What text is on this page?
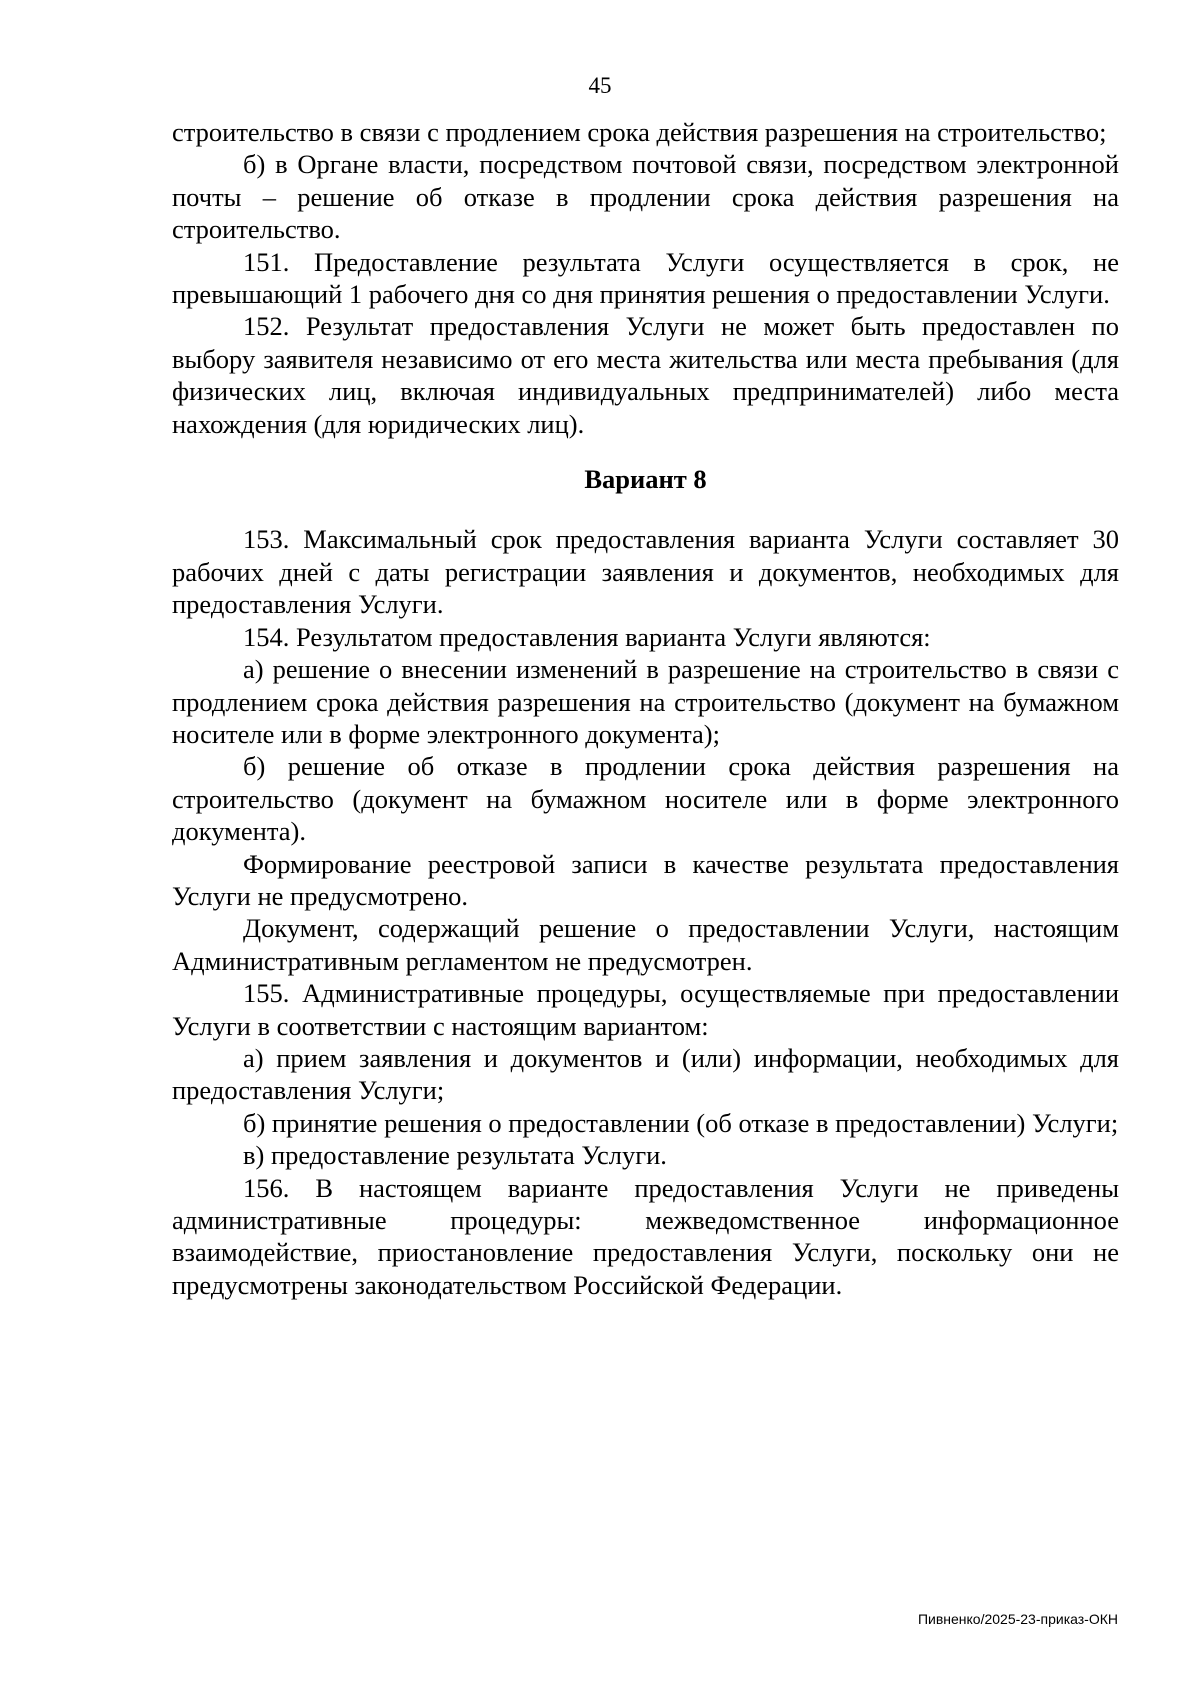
45

строительство в связи с продлением срока действия разрешения на строительство;

б) в Органе власти, посредством почтовой связи, посредством электронной почты – решение об отказе в продлении срока действия разрешения на строительство.

151. Предоставление результата Услуги осуществляется в срок, не превышающий 1 рабочего дня со дня принятия решения о предоставлении Услуги.

152. Результат предоставления Услуги не может быть предоставлен по выбору заявителя независимо от его места жительства или места пребывания (для физических лиц, включая индивидуальных предпринимателей) либо места нахождения (для юридических лиц).

Вариант 8

153. Максимальный срок предоставления варианта Услуги составляет 30 рабочих дней с даты регистрации заявления и документов, необходимых для предоставления Услуги.

154. Результатом предоставления варианта Услуги являются:

а) решение о внесении изменений в разрешение на строительство в связи с продлением срока действия разрешения на строительство (документ на бумажном носителе или в форме электронного документа);

б) решение об отказе в продлении срока действия разрешения на строительство (документ на бумажном носителе или в форме электронного документа).

Формирование реестровой записи в качестве результата предоставления Услуги не предусмотрено.

Документ, содержащий решение о предоставлении Услуги, настоящим Административным регламентом не предусмотрен.

155. Административные процедуры, осуществляемые при предоставлении Услуги в соответствии с настоящим вариантом:

а) прием заявления и документов и (или) информации, необходимых для предоставления Услуги;

б) принятие решения о предоставлении (об отказе в предоставлении) Услуги;

в) предоставление результата Услуги.

156. В настоящем варианте предоставления Услуги не приведены административные процедуры: межведомственное информационное взаимодействие, приостановление предоставления Услуги, поскольку они не предусмотрены законодательством Российской Федерации.

Пивненко/2025-23-приказ-ОКН
